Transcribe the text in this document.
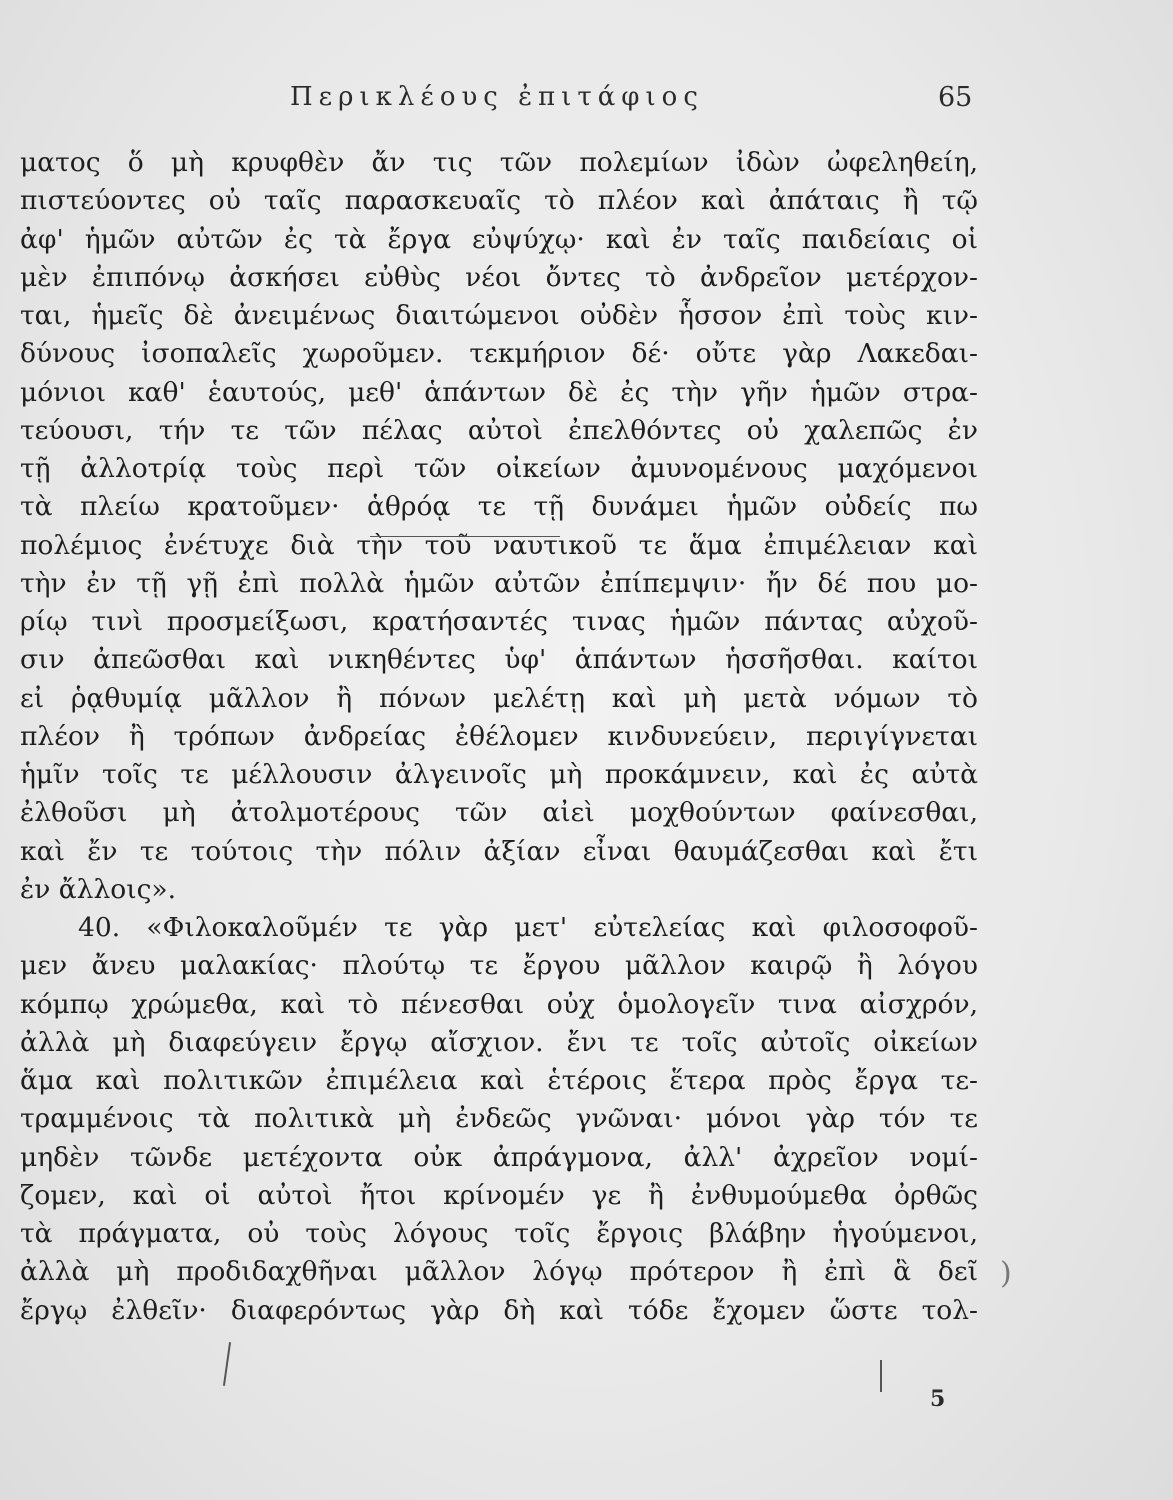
Περικλέους ἐπιτάφιος	65
ματος ὅ μὴ κρυφθὲν ἄν τις τῶν πολεμίων ἰδὼν ὠφεληθείη,
πιστεύοντες οὐ ταῖς παρασκευαῖς τὸ πλέον καὶ ἀπάταις ἢ τῷ
ἀφ' ἡμῶν αὐτῶν ἐς τὰ ἔργα εὐψύχῳ· καὶ ἐν ταῖς παιδείαις οἱ
μὲν ἐπιπόνῳ ἀσκήσει εὐθὺς νέοι ὄντες τὸ ἀνδρεῖον μετέρχον-
ται, ἡμεῖς δὲ ἀνειμένως διαιτώμενοι οὐδὲν ἧσσον ἐπὶ τοὺς κιν-
δύνους ἰσοπαλεῖς χωροῦμεν. τεκμήριον δέ· οὔτε γὰρ Λακεδαι-
μόνιοι καθ' ἑαυτούς, μεθ' ἁπάντων δὲ ἐς τὴν γῆν ἡμῶν στρα-
τεύουσι, τήν τε τῶν πέλας αὐτοὶ ἐπελθόντες οὐ χαλεπῶς ἐν
τῇ ἀλλοτρίᾳ τοὺς περὶ τῶν οἰκείων ἀμυνομένους μαχόμενοι
τὰ πλείω κρατοῦμεν· ἁθρόᾳ τε τῇ δυνάμει ἡμῶν οὐδείς πω
πολέμιος ἐνέτυχε διὰ τὴν τοῦ ναυτικοῦ τε ἅμα ἐπιμέλειαν καὶ
τὴν ἐν τῇ γῇ ἐπὶ πολλὰ ἡμῶν αὐτῶν ἐπίπεμψιν· ἤν δέ που μο-
ρίῳ τινὶ προσμείξωσι, κρατήσαντές τινας ἡμῶν πάντας αὐχοῦ-
σιν ἀπεῶσθαι καὶ νικηθέντες ὑφ' ἁπάντων ἡσσῆσθαι. καίτοι
εἰ ῥᾳθυμίᾳ μᾶλλον ἢ πόνων μελέτῃ καὶ μὴ μετὰ νόμων τὸ
πλέον ἢ τρόπων ἀνδρείας ἐθέλομεν κινδυνεύειν, περιγίγνεται
ἡμῖν τοῖς τε μέλλουσιν ἀλγεινοῖς μὴ προκάμνειν, καὶ ἐς αὐτὰ
ἐλθοῦσι μὴ ἀτολμοτέρους τῶν αἰεὶ μοχθούντων φαίνεσθαι,
καὶ ἔν τε τούτοις τὴν πόλιν ἀξίαν εἶναι θαυμάζεσθαι καὶ ἔτι
ἐν ἄλλοις».
40. «Φιλοκαλοῦμέν τε γὰρ μετ' εὐτελείας καὶ φιλοσοφοῦ-
μεν ἄνευ μαλακίας· πλούτῳ τε ἔργου μᾶλλον καιρῷ ἢ λόγου
κόμπῳ χρώμεθα, καὶ τὸ πένεσθαι οὐχ ὁμολογεῖν τινα αἰσχρόν,
ἀλλὰ μὴ διαφεύγειν ἔργῳ αἴσχιον. ἔνι τε τοῖς αὐτοῖς οἰκείων
ἅμα καὶ πολιτικῶν ἐπιμέλεια καὶ ἑτέροις ἕτερα πρὸς ἔργα τε-
τραμμένοις τὰ πολιτικὰ μὴ ἐνδεῶς γνῶναι· μόνοι γὰρ τόν τε
μηδὲν τῶνδε μετέχοντα οὐκ ἀπράγμονα, ἀλλ' ἀχρεῖον νομί-
ζομεν, καὶ οἱ αὐτοὶ ἤτοι κρίνομέν γε ἢ ἐνθυμούμεθα ὀρθῶς
τὰ πράγματα, οὐ τοὺς λόγους τοῖς ἔργοις βλάβην ἡγούμενοι,
ἀλλὰ μὴ προδιδαχθῆναι μᾶλλον λόγῳ πρότερον ἢ ἐπὶ ἃ δεῖ
ἔργῳ ἐλθεῖν· διαφερόντως γὰρ δὴ καὶ τόδε ἔχομεν ὥστε τολ-
)
5
